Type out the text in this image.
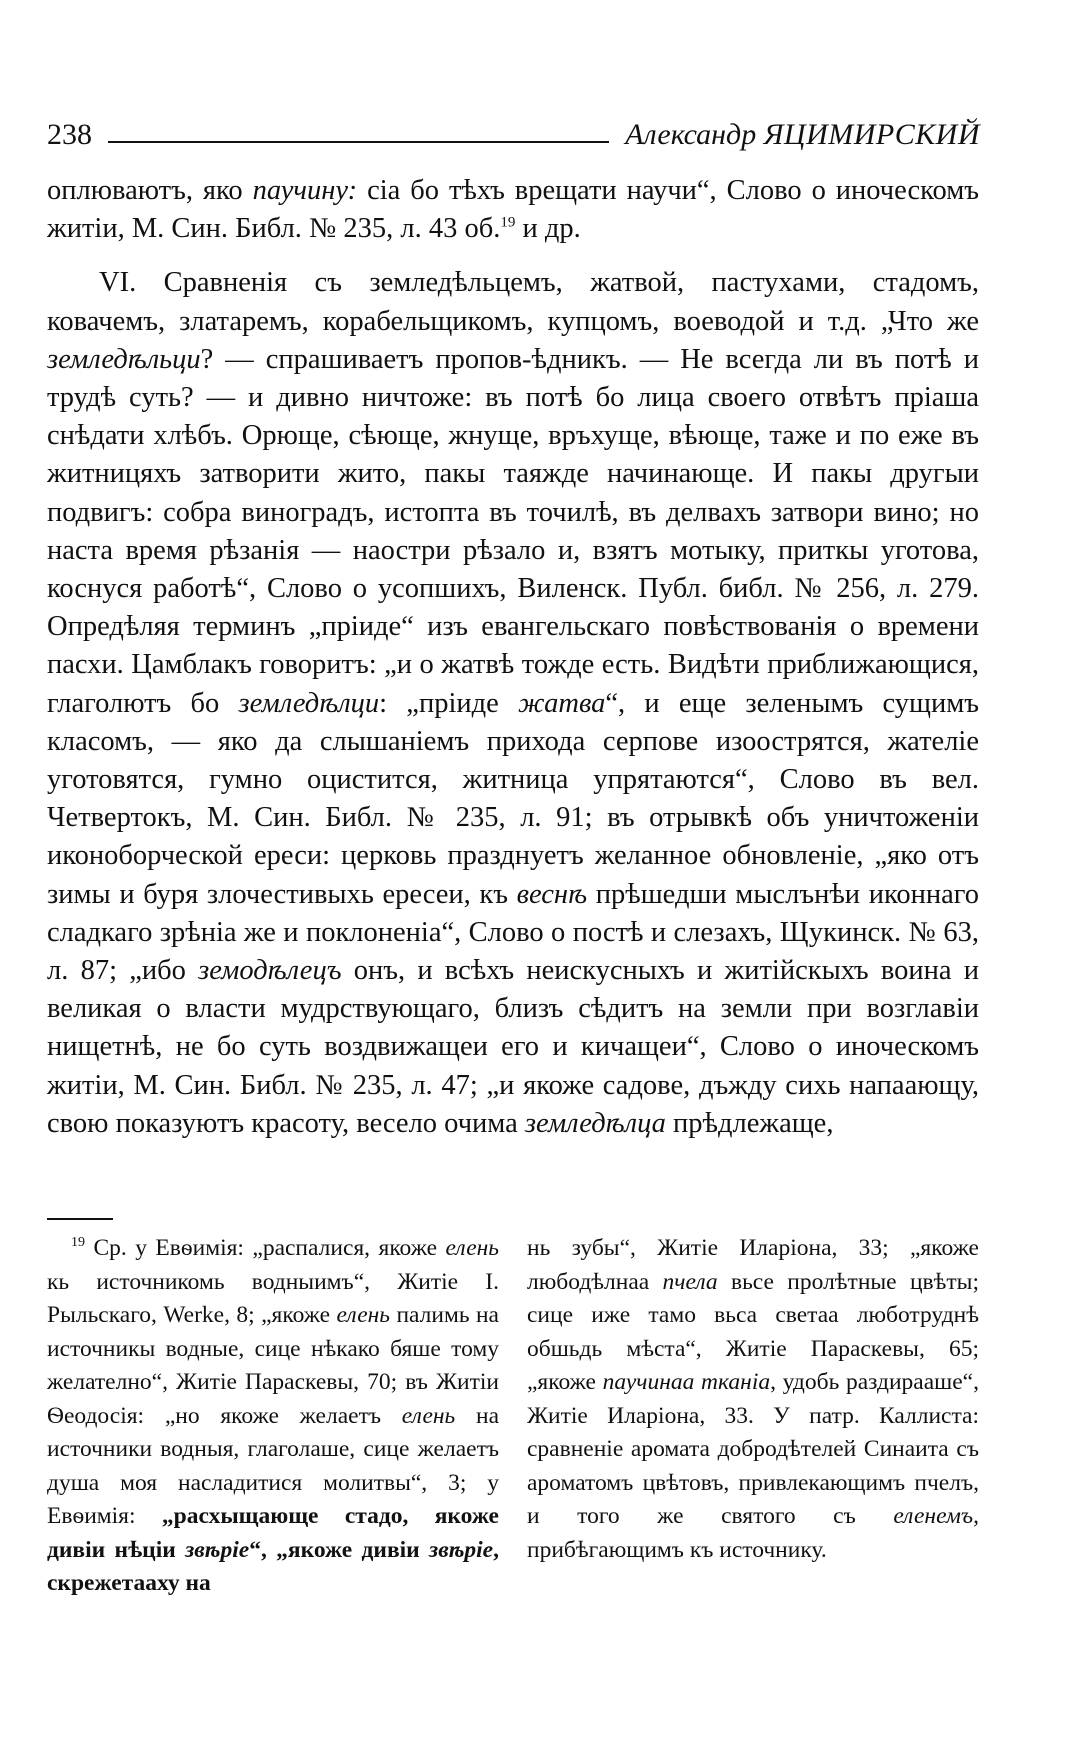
238	Александр ЯЦИМИРСКИЙ

оплюваютъ, яко паучину: сіа бо тѣхъ врещати научи“, Слово о иноческомъ житіи, М. Син. Библ. № 235, л. 43 об.$^{19}$ и др.

VI. Сравненія съ земледѣльцемъ, жатвой, пастухами, стадомъ, ковачемъ, златаремъ, корабельщикомъ, купцомъ, воеводой и т.д. „Что же земледѣльци? — спрашиваетъ пропов‑ѣдникъ. — Не всегда ли въ потѣ и трудѣ суть? — и дивно ничтоже: въ потѣ бо лица своего отвѣтъ пріаша снѣдати хлѣбъ. Орюще, сѣюще, жнуще, връхуще, вѣюще, таже и по еже въ житницяхъ затворити жито, пакы таяжде начинающе. И пакы другыи подвигъ: собра виноградъ, истопта въ точилѣ, въ делвахъ затвори вино; но наста время рѣзанія — наостри рѣзало и, взятъ мотыку, приткы уготова, коснуся работѣ“, Слово о усопшихъ, Виленск. Публ. библ. № 256, л. 279. Опредѣляя терминъ „пріиде“ изъ евангельскаго повѣствованія о времени пасхи. Цамблакъ говоритъ: „и о жатвѣ тождe есть. Видѣти приближающися, глаголютъ бо земледѣлци: „пріиде жатва“, и еще зеленымъ сущимъ класомъ, — яко да слышаніемъ прихода серпове изоострятся, жателіе уготовятся, гумно оцистится, житница упрятаются“, Слово въ вел. Четвертокъ, М. Син. Библ. № 235, л. 91; въ отрывкѣ объ уничтоженіи иконоборческой ереси: церковь празднуетъ желанное обновленіе, „яко отъ зимы и буря злочестивыхь ересеи, къ веснѣ прѣшедши мыслънѣи иконнаго сладкаго зрѣніа же и поклоненіа“, Слово о постѣ и слезахъ, Щукинск. № 63, л. 87; „ибо земодѣлецъ онъ, и всѣхъ неискусныхъ и житійскыхъ воина и великая о власти мудрствующаго, близъ сѣдитъ на земли при возглавіи нищетнѣ, не бо суть воздвижащеи его и кичащеи“, Слово о иноческомъ житіи, М. Син. Библ. № 235, л. 47; „и якоже садове, дъжду сихь напаающу, свою показуютъ красоту, весело очима земледѣлца прѣдлежаще,

$^{19}$ Ср. у Евѳимія: „распалися, якоже елень кь источникомь водныимъ“, Житіе І. Рыльскаго, Werke, 8; „якоже елень палимь на источникы водные, сице нѣкако бяше тому желателно“, Житіе Параскевы, 70; въ Житіи Ѳеодосія: „но якоже желаетъ елень на источники водныя, глаголаше, сице желаетъ душа моя насладитися молитвы“, 3; у Евѳимія: „расхыщающе стадо, якоже дивіи нѣціи звѣріе“, „якоже дивіи звѣріе, скрежетааху на

нь зубы“, Житіе Иларіона, 33; „якоже любодѣлнаа пчела вьсе пролѣтные цвѣты; сице иже тамо вьса светаа люботруднѣ обшьдь мѣста“, Житіе Параскевы, 65; „якоже паучинаа тканіа, удобь раздирааше“, Житіе Иларіона, 33. У патр. Каллиста: сравненіе аромата добродѣтелей Синаита съ ароматомъ цвѣтовъ, привлекающимъ пчелъ, и того же святого съ еленемъ, прибѣгающимъ къ источнику.
